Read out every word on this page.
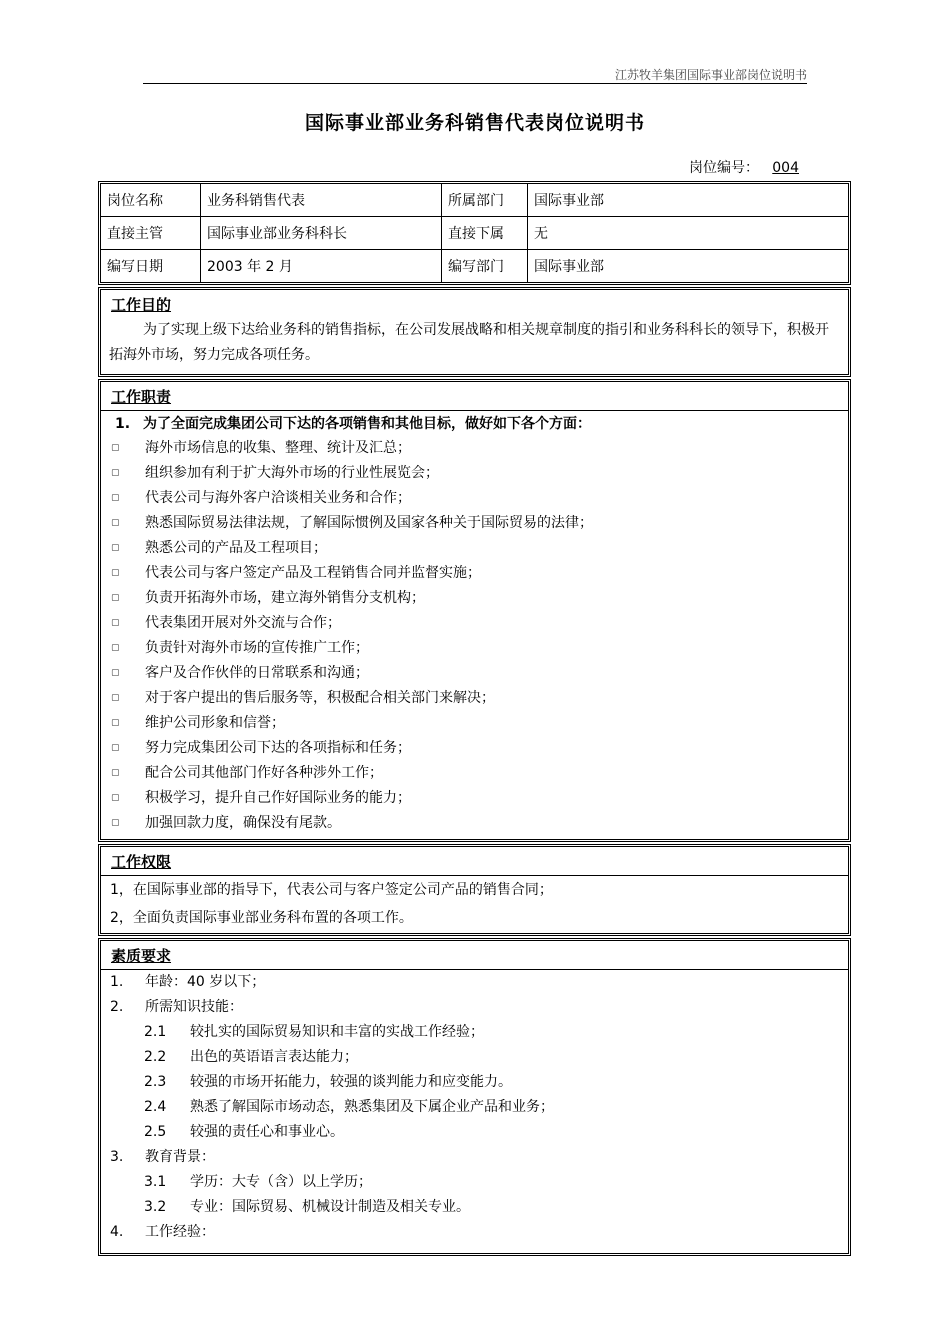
江苏牧羊集团国际事业部岗位说明书
国际事业部业务科销售代表岗位说明书
岗位编号： 004
岗位名称	业务科销售代表	所属部门	国际事业部
直接主管	国际事业部业务科科长	直接下属	无
编写日期	2003 年 2 月	编写部门	国际事业部
工作目的
为了实现上级下达给业务科的销售指标，在公司发展战略和相关规章制度的指引和业务科科长的领导下，积极开拓海外市场，努力完成各项任务。
工作职责
1. 为了全面完成集团公司下达的各项销售和其他目标，做好如下各个方面：
▢ 海外市场信息的收集、整理、统计及汇总；
▢ 组织参加有利于扩大海外市场的行业性展览会；
▢ 代表公司与海外客户洽谈相关业务和合作；
▢ 熟悉国际贸易法律法规，了解国际惯例及国家各种关于国际贸易的法律；
▢ 熟悉公司的产品及工程项目；
▢ 代表公司与客户签定产品及工程销售合同并监督实施；
▢ 负责开拓海外市场，建立海外销售分支机构；
▢ 代表集团开展对外交流与合作；
▢ 负责针对海外市场的宣传推广工作；
▢ 客户及合作伙伴的日常联系和沟通；
▢ 对于客户提出的售后服务等，积极配合相关部门来解决；
▢ 维护公司形象和信誉；
▢ 努力完成集团公司下达的各项指标和任务；
▢ 配合公司其他部门作好各种涉外工作；
▢ 积极学习，提升自己作好国际业务的能力；
▢ 加强回款力度，确保没有尾款。
工作权限
1，在国际事业部的指导下，代表公司与客户签定公司产品的销售合同；
2，全面负责国际事业部业务科布置的各项工作。
素质要求
1. 年龄：40 岁以下；
2. 所需知识技能：
2.1 较扎实的国际贸易知识和丰富的实战工作经验；
2.2 出色的英语语言表达能力；
2.3 较强的市场开拓能力，较强的谈判能力和应变能力。
2.4 熟悉了解国际市场动态，熟悉集团及下属企业产品和业务；
2.5 较强的责任心和事业心。
3. 教育背景：
3.1 学历：大专（含）以上学历；
3.2 专业：国际贸易、机械设计制造及相关专业。
4. 工作经验：
